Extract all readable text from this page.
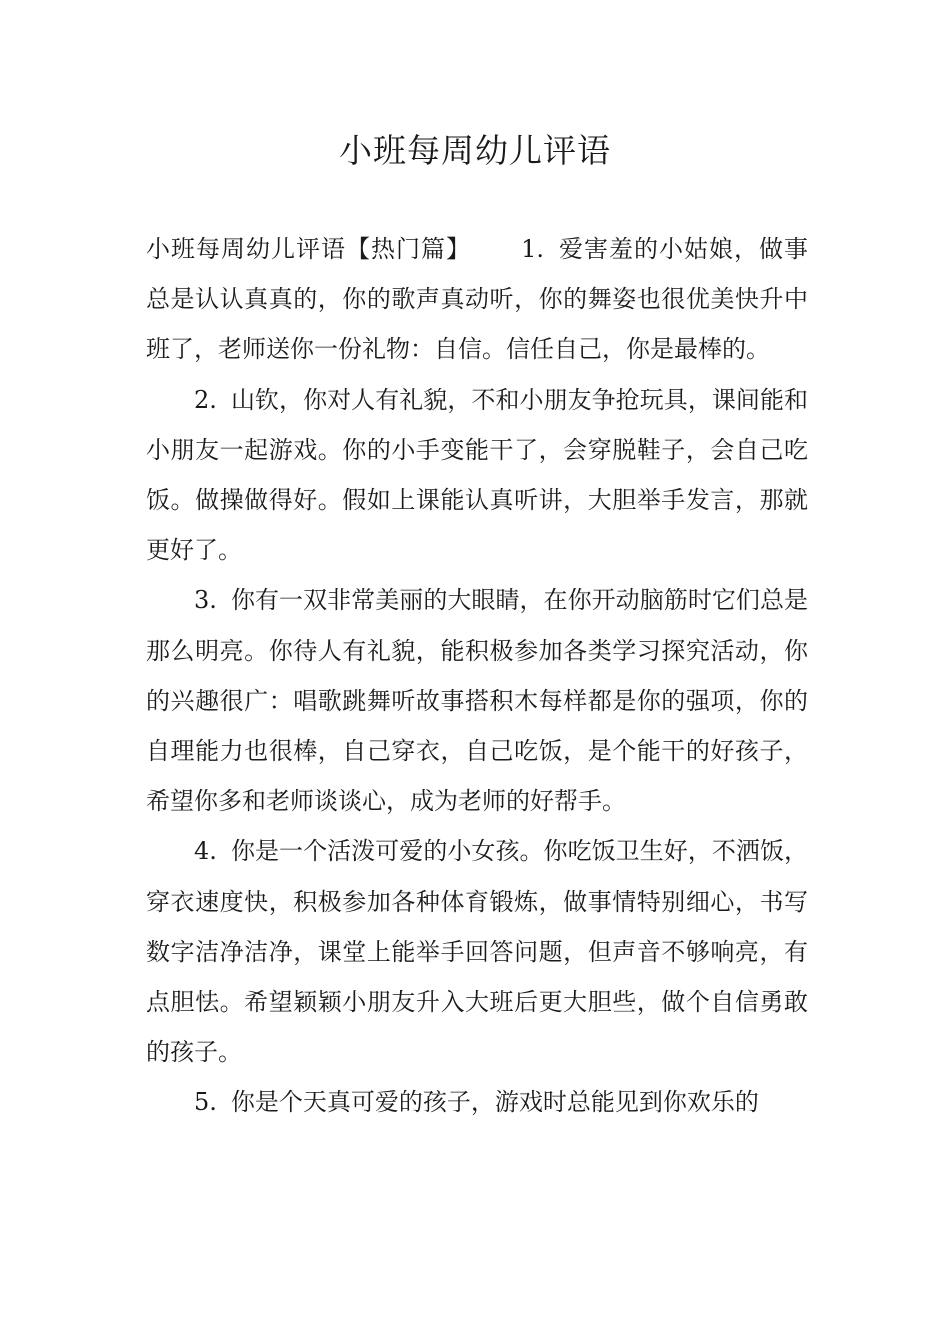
小班每周幼儿评语

小班每周幼儿评语【热门篇】 1. 爱害羞的小姑娘，做事总是认认真真的，你的歌声真动听，你的舞姿也很优美快升中班了，老师送你一份礼物：自信。信任自己，你是最棒的。

2. 山钦，你对人有礼貌，不和小朋友争抢玩具，课间能和小朋友一起游戏。你的小手变能干了，会穿脱鞋子，会自己吃饭。做操做得好。假如上课能认真听讲，大胆举手发言，那就更好了。

3. 你有一双非常美丽的大眼睛，在你开动脑筋时它们总是那么明亮。你待人有礼貌，能积极参加各类学习探究活动，你的兴趣很广：唱歌跳舞听故事搭积木每样都是你的强项，你的自理能力也很棒，自己穿衣，自己吃饭，是个能干的好孩子，希望你多和老师谈谈心，成为老师的好帮手。

4. 你是一个活泼可爱的小女孩。你吃饭卫生好，不洒饭，穿衣速度快，积极参加各种体育锻炼，做事情特别细心，书写数字洁净洁净，课堂上能举手回答问题，但声音不够响亮，有点胆怯。希望颖颖小朋友升入大班后更大胆些，做个自信勇敢的孩子。

5. 你是个天真可爱的孩子，游戏时总能见到你欢乐的
